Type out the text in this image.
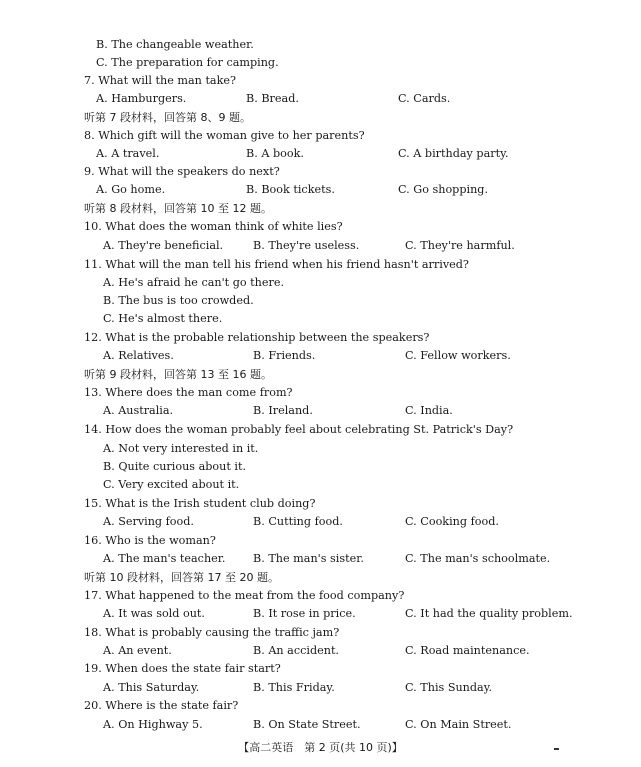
【高二英语　第 2 页(共 10 页)】
B. The changeable weather.
C. The preparation for camping.
7. What will the man take?
A. Hamburgers.	B. Bread.	C. Cards.
听第 7 段材料，回答第 8、9 题。
8. Which gift will the woman give to her parents?
A. A travel.	B. A book.	C. A birthday party.
9. What will the speakers do next?
A. Go home.	B. Book tickets.	C. Go shopping.
听第 8 段材料，回答第 10 至 12 题。
10. What does the woman think of white lies?
A. They're beneficial.	B. They're useless.	C. They're harmful.
11. What will the man tell his friend when his friend hasn't arrived?
A. He's afraid he can't go there.
B. The bus is too crowded.
C. He's almost there.
12. What is the probable relationship between the speakers?
A. Relatives.	B. Friends.	C. Fellow workers.
听第 9 段材料，回答第 13 至 16 题。
13. Where does the man come from?
A. Australia.	B. Ireland.	C. India.
14. How does the woman probably feel about celebrating St. Patrick's Day?
A. Not very interested in it.
B. Quite curious about it.
C. Very excited about it.
15. What is the Irish student club doing?
A. Serving food.	B. Cutting food.	C. Cooking food.
16. Who is the woman?
A. The man's teacher. B. The man's sister.	C. The man's schoolmate.
听第 10 段材料，回答第 17 至 20 题。
17. What happened to the meat from the food company?
A. It was sold out.	B. It rose in price.	C. It had the quality problem.
18. What is probably causing the traffic jam?
A. An event.	B. An accident.	C. Road maintenance.
19. When does the state fair start?
A. This Saturday.	B. This Friday.	C. This Sunday.
20. Where is the state fair?
A. On Highway 5.	B. On State Street.	C. On Main Street.
